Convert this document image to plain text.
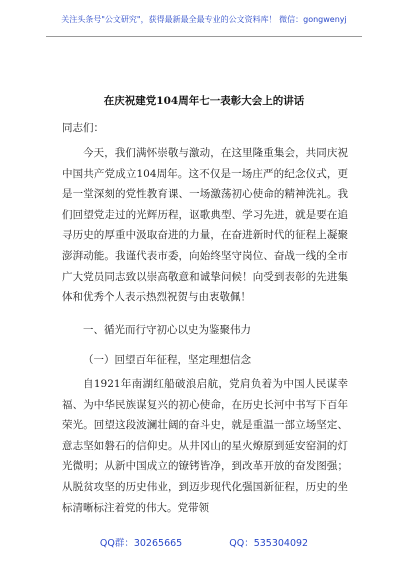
关注头条号"公文研究"，获得最新最全最专业的公文资料库！ 微信：gongwenyj
在庆祝建党104周年七一表彰大会上的讲话

同志们：

今天，我们满怀崇敬与激动，在这里隆重集会，共同庆祝中国共产党成立104周年。这不仅是一场庄严的纪念仪式，更是一堂深刻的党性教育课、一场激荡初心使命的精神洗礼。我们回望党走过的光辉历程，讴歌典型、学习先进，就是要在追寻历史的厚重中汲取奋进的力量，在奋进新时代的征程上凝聚澎湃动能。我谨代表市委，向始终坚守岗位、奋战一线的全市广大党员同志致以崇高敬意和诚挚问候！向受到表彰的先进集体和优秀个人表示热烈祝贺与由衷敬佩！

一、循光而行守初心以史为鉴聚伟力
（一）回望百年征程，坚定理想信念

自1921年南湖红船破浪启航，党肩负着为中国人民谋幸福、为中华民族谋复兴的初心使命，在历史长河中书写下百年荣光。回望这段波澜壮阔的奋斗史，就是重温一部立场坚定、意志坚如磐石的信仰史。从井冈山的星火燎原到延安窑洞的灯光微明；从新中国成立的镣铐皆净，到改革开放的奋发图强；从脱贫攻坚的历史伟业，到迈步现代化强国新征程，历史的坐标清晰标注着党的伟大。党带领

QQ群：30265665	QQ：535304092
